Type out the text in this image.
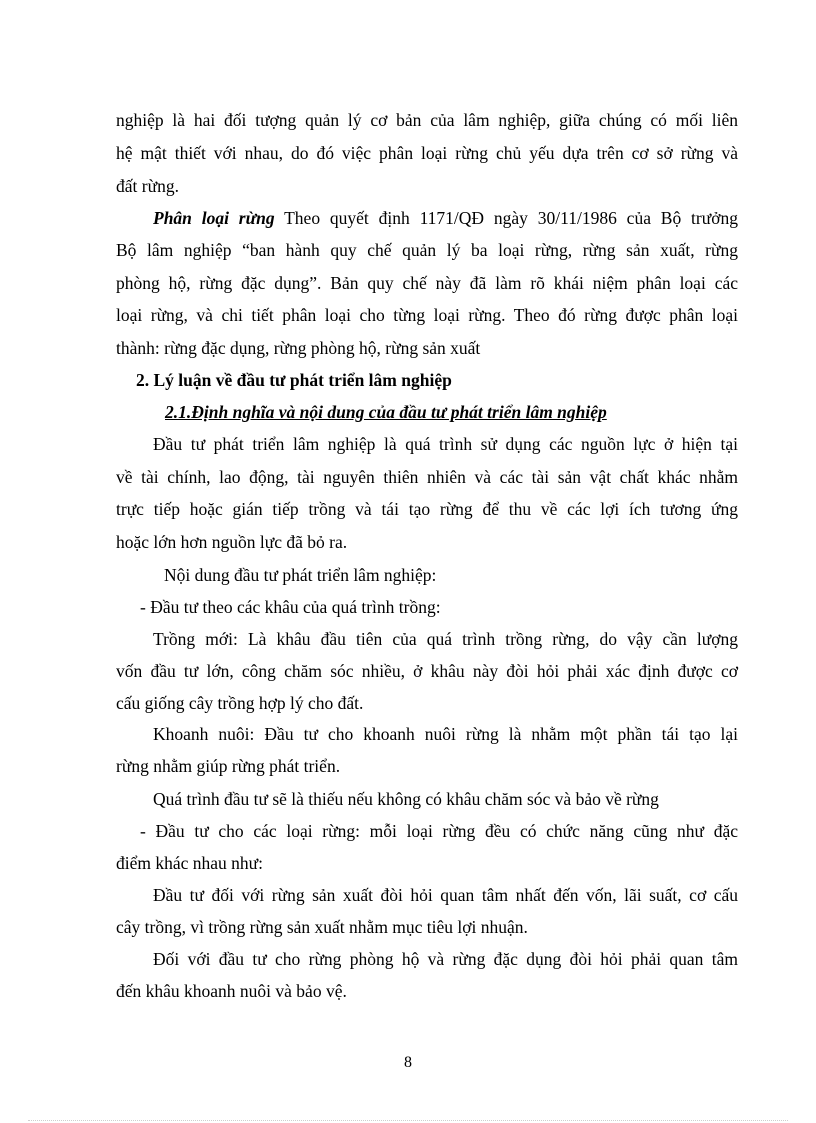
nghiệp là hai đối tượng quản lý cơ bản của lâm nghiệp, giữa chúng có mối liên
hệ mật thiết với nhau, do đó việc phân loại rừng chủ yếu dựa trên cơ sở rừng và
đất rừng.
Phân loại rừng Theo quyết định 1171/QĐ ngày 30/11/1986 của Bộ trưởng
Bộ lâm nghiệp “ban hành quy chế quản lý ba loại rừng, rừng sản xuất, rừng
phòng hộ, rừng đặc dụng”. Bản quy chế này đã làm rõ khái niệm phân loại các
loại rừng, và chi tiết phân loại cho từng loại rừng. Theo đó rừng được phân loại
thành: rừng đặc dụng, rừng phòng hộ, rừng sản xuất
2. Lý luận về đầu tư phát triển lâm nghiệp
2.1.Định nghĩa và nội dung của đầu tư phát triển lâm nghiệp
Đầu tư phát triển lâm nghiệp là quá trình sử dụng các nguồn lực ở hiện tại
về tài chính, lao động, tài nguyên thiên nhiên và các tài sản vật chất khác nhằm
trực tiếp hoặc gián tiếp trồng và tái tạo rừng để thu về các lợi ích tương ứng
hoặc lớn hơn nguồn lực đã bỏ ra.
Nội dung đầu tư phát triển lâm nghiệp:
- Đầu tư theo các khâu của quá trình trồng:
Trồng mới: Là khâu đầu tiên của quá trình trồng rừng, do vậy cần lượng
vốn đầu tư lớn, công chăm sóc nhiều, ở khâu này đòi hỏi phải xác định được cơ
cấu giống cây trồng hợp lý cho đất.
Khoanh nuôi: Đầu tư cho khoanh nuôi rừng là nhằm một phần tái tạo lại
rừng nhằm giúp rừng phát triển.
Quá trình đầu tư sẽ là thiếu nếu không có khâu chăm sóc và bảo về rừng
- Đầu tư cho các loại rừng: mỗi loại rừng đều có chức năng cũng như đặc
điểm khác nhau như:
Đầu tư đối với rừng sản xuất đòi hỏi quan tâm nhất đến vốn, lãi suất, cơ cấu
cây trồng, vì trồng rừng sản xuất nhằm mục tiêu lợi nhuận.
Đối với đầu tư cho rừng phòng hộ và rừng đặc dụng đòi hỏi phải quan tâm
đến khâu khoanh nuôi và bảo vệ.
8
